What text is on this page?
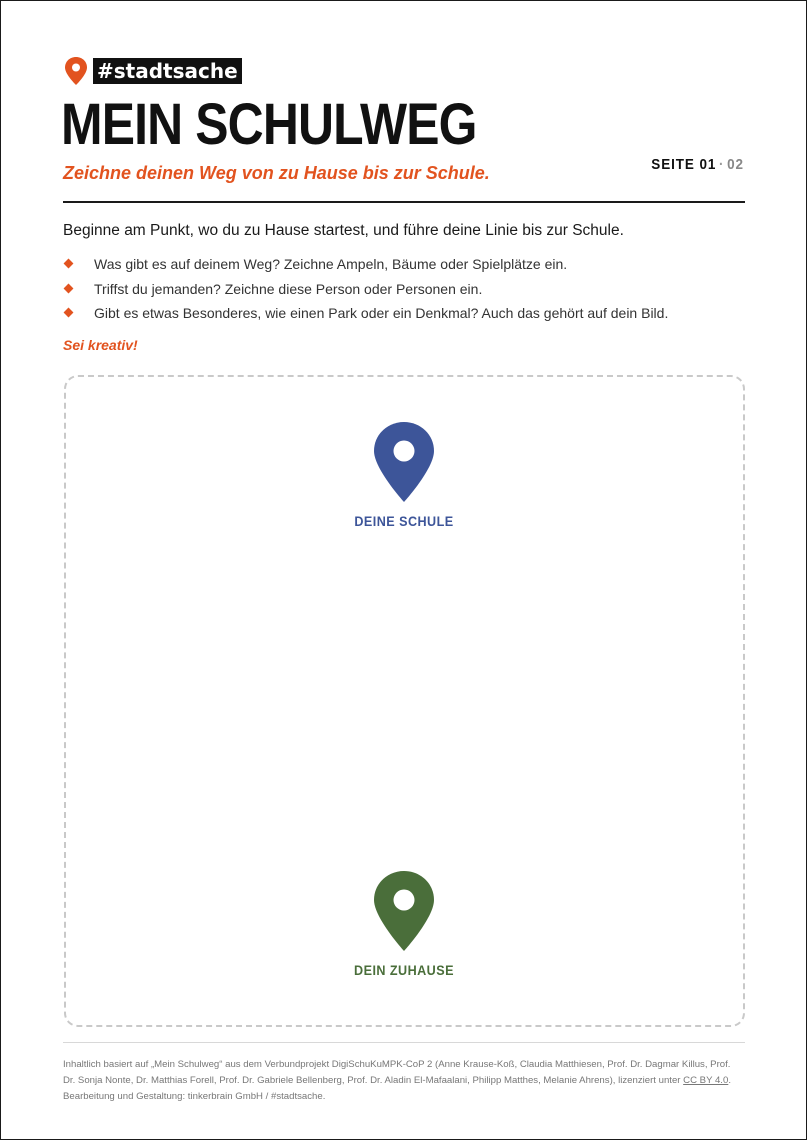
#stadtsache
MEIN SCHULWEG
Zeichne deinen Weg von zu Hause bis zur Schule.	SEITE 01 · 02

Beginne am Punkt, wo du zu Hause startest, und führe deine Linie bis zur Schule.

Was gibt es auf deinem Weg? Zeichne Ampeln, Bäume oder Spielplätze ein.
Triffst du jemanden? Zeichne diese Person oder Personen ein.
Gibt es etwas Besonderes, wie einen Park oder ein Denkmal? Auch das gehört auf dein Bild.
Sei kreativ!
DEINE SCHULE
DEIN ZUHAUSE
Inhaltlich basiert auf „Mein Schulweg“ aus dem Verbundprojekt DigiSchuKuMPK-CoP 2 (Anne Krause-Koß, Claudia Matthiesen, Prof. Dr. Dagmar Killus, Prof. Dr. Sonja Nonte, Dr. Matthias Forell, Prof. Dr. Gabriele Bellenberg, Prof. Dr. Aladin El-Mafaalani, Philipp Matthes, Melanie Ahrens), lizenziert unter CC BY 4.0.
Bearbeitung und Gestaltung: tinkerbrain GmbH / #stadtsache.
